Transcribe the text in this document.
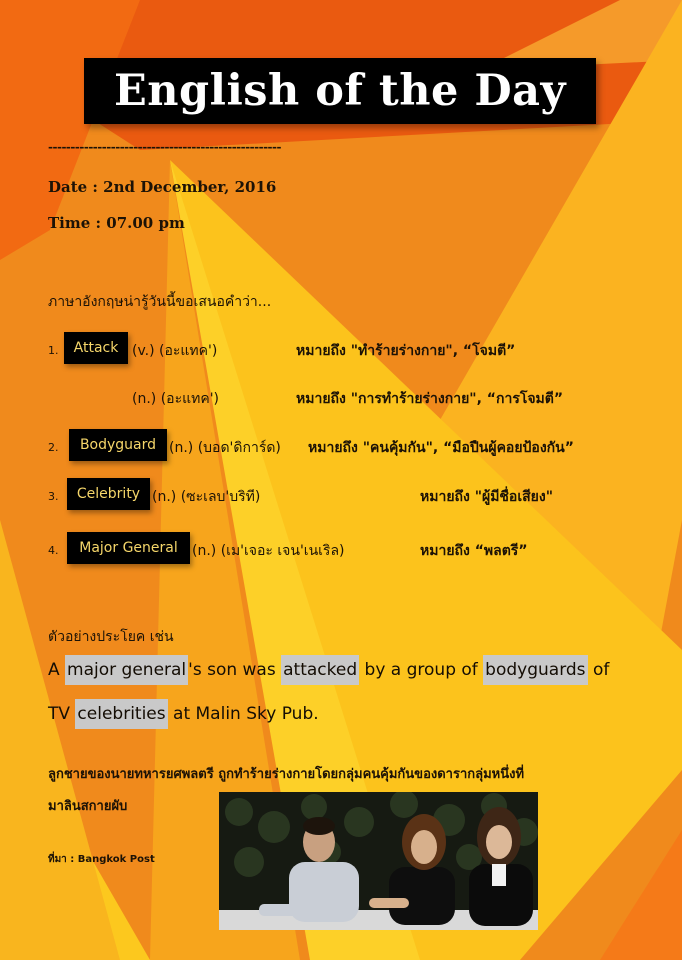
English of the Day
----------------------------------------------------
Date : 2nd December, 2016
Time : 07.00 pm
ภาษาอังกฤษน่ารู้วันนี้ขอเสนอคำว่า...
1.	Attack (v.) (อะแทค')	หมายถึง "ทำร้ายร่างกาย", “โจมตี”
(n.) (อะแทค')	หมายถึง "การทำร้ายร่างกาย", “การโจมตี”
2.	Bodyguard (n.) (บอด'ดิการ์ด) หมายถึง "คนคุ้มกัน", “มือปืนผู้คอยป้องกัน”
3.	Celebrity (n.) (ซะเลบ'บริที)	หมายถึง "ผู้มีชื่อเสียง"
4.	Major General	(n.) (เม'เจอะ เจน'เนเริล)	หมายถึง “พลตรี”
ตัวอย่างประโยค เช่น
A major general 's son was attacked by a group of bodyguards of
TV celebrities at Malin Sky Pub.
ลูกชายของนายทหารยศพลตรี ถูกทำร้ายร่างกายโดยกลุ่มคนคุ้มกันของดารากลุ่มหนึ่งที่
มาลินสกายผับ
ที่มา : Bangkok Post
